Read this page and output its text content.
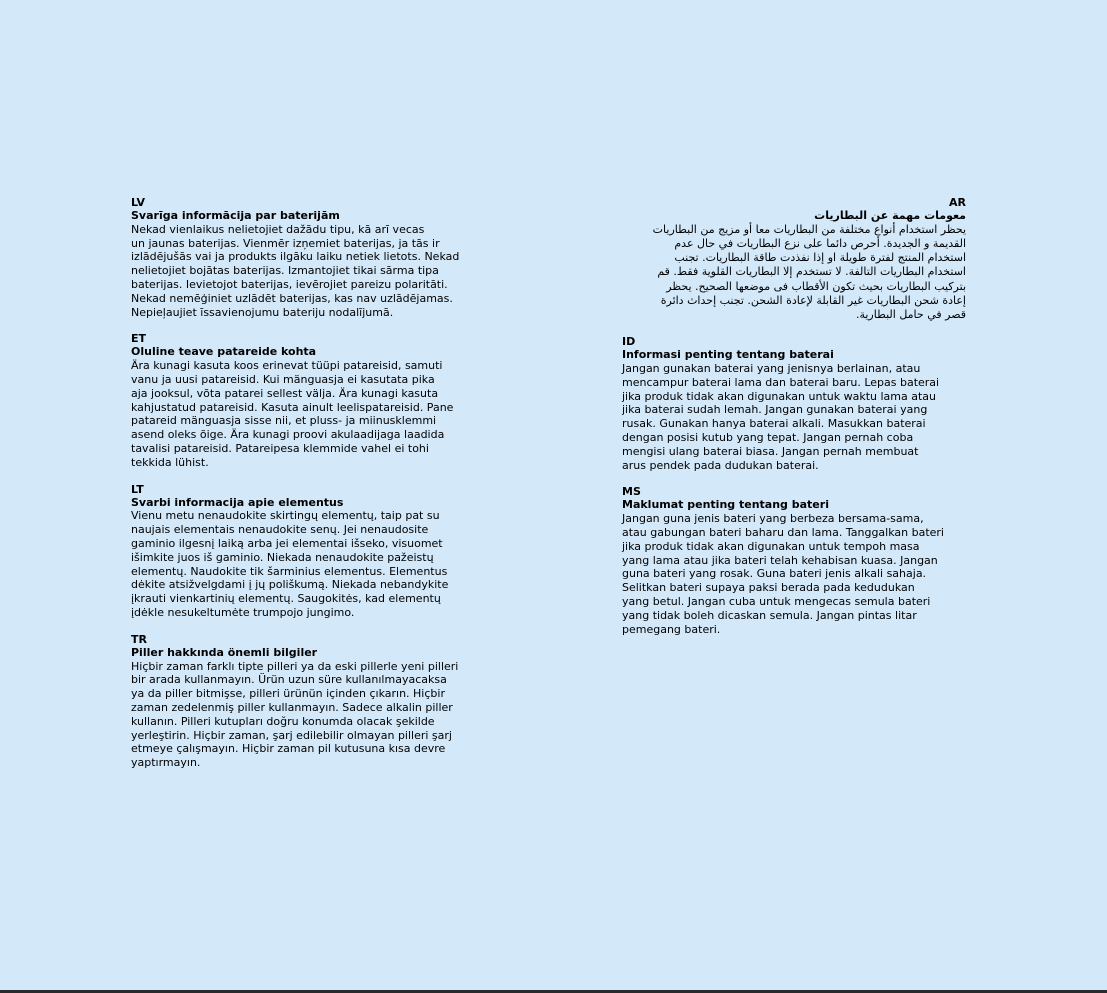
LV
Svarīga informācija par baterijām
Nekad vienlaikus nelietojiet dažādu tipu, kā arī vecas
un jaunas baterijas. Vienmēr izņemiet baterijas, ja tās ir
izlādējušās vai ja produkts ilgāku laiku netiek lietots. Nekad
nelietojiet bojātas baterijas. Izmantojiet tikai sārma tipa
baterijas. Ievietojot baterijas, ievērojiet pareizu polaritāti.
Nekad nemēģiniet uzlādēt baterijas, kas nav uzlādējamas.
Nepieļaujiet īssavienojumu bateriju nodalījumā.
ET
Oluline teave patareide kohta
Ära kunagi kasuta koos erinevat tüüpi patareisid, samuti
vanu ja uusi patareisid. Kui mänguasja ei kasutata pika
aja jooksul, võta patarei sellest välja. Ära kunagi kasuta
kahjustatud patareisid. Kasuta ainult leelispatareisid. Pane
patareid mänguasja sisse nii, et pluss- ja miinusklemmi
asend oleks õige. Ära kunagi proovi akulaadijaga laadida
tavalisi patareisid. Patareipesa klemmide vahel ei tohi
tekkida lühist.
LT
Svarbi informacija apie elementus
Vienu metu nenaudokite skirtingų elementų, taip pat su
naujais elementais nenaudokite senų. Jei nenaudosite
gaminio ilgesnį laiką arba jei elementai išseko, visuomet
išimkite juos iš gaminio. Niekada nenaudokite pažeistų
elementų. Naudokite tik šarminius elementus. Elementus
dėkite atsižvelgdami į jų poliškumą. Niekada nebandykite
įkrauti vienkartinių elementų. Saugokitės, kad elementų
įdėkle nesukeltumėte trumpojo jungimo.
TR
Piller hakkında önemli bilgiler
Hiçbir zaman farklı tipte pilleri ya da eski pillerle yeni pilleri
bir arada kullanmayın. Ürün uzun süre kullanılmayacaksa
ya da piller bitmişse, pilleri ürünün içinden çıkarın. Hiçbir
zaman zedelenmiş piller kullanmayın. Sadece alkalin piller
kullanın. Pilleri kutupları doğru konumda olacak şekilde
yerleştirin. Hiçbir zaman, şarj edilebilir olmayan pilleri şarj
etmeye çalışmayın. Hiçbir zaman pil kutusuna kısa devre
yaptırmayın.
AR
معومات مهمة عن البطاريات
يحظر استخدام أنواع مختلفة من البطاريات معا أو مزيج من البطاريات
القديمة و الجديدة. أحرص دائما على نزع البطاريات في حال عدم
استخدام المنتج لفترة طويلة او إذا نفذدت طاقة البطاريات. تجنب
استخدام البطاريات التالفة. لا تستخدم إلا البطاريات القلوية فقط. قم
بتركيب البطاريات بحيث تكون الأقطاب فى موضعها الصحيح. يحظر
إعادة شحن البطاريات غير القابلة لإعادة الشحن. تجنب إحداث دائرة
قصر في حامل البطارية.
ID
Informasi penting tentang baterai
Jangan gunakan baterai yang jenisnya berlainan, atau
mencampur baterai lama dan baterai baru. Lepas baterai
jika produk tidak akan digunakan untuk waktu lama atau
jika baterai sudah lemah. Jangan gunakan baterai yang
rusak. Gunakan hanya baterai alkali. Masukkan baterai
dengan posisi kutub yang tepat. Jangan pernah coba
mengisi ulang baterai biasa. Jangan pernah membuat
arus pendek pada dudukan baterai.
MS
Maklumat penting tentang bateri
Jangan guna jenis bateri yang berbeza bersama-sama,
atau gabungan bateri baharu dan lama. Tanggalkan bateri
jika produk tidak akan digunakan untuk tempoh masa
yang lama atau jika bateri telah kehabisan kuasa. Jangan
guna bateri yang rosak. Guna bateri jenis alkali sahaja.
Selitkan bateri supaya paksi berada pada kedudukan
yang betul. Jangan cuba untuk mengecas semula bateri
yang tidak boleh dicaskan semula. Jangan pintas litar
pemegang bateri.
